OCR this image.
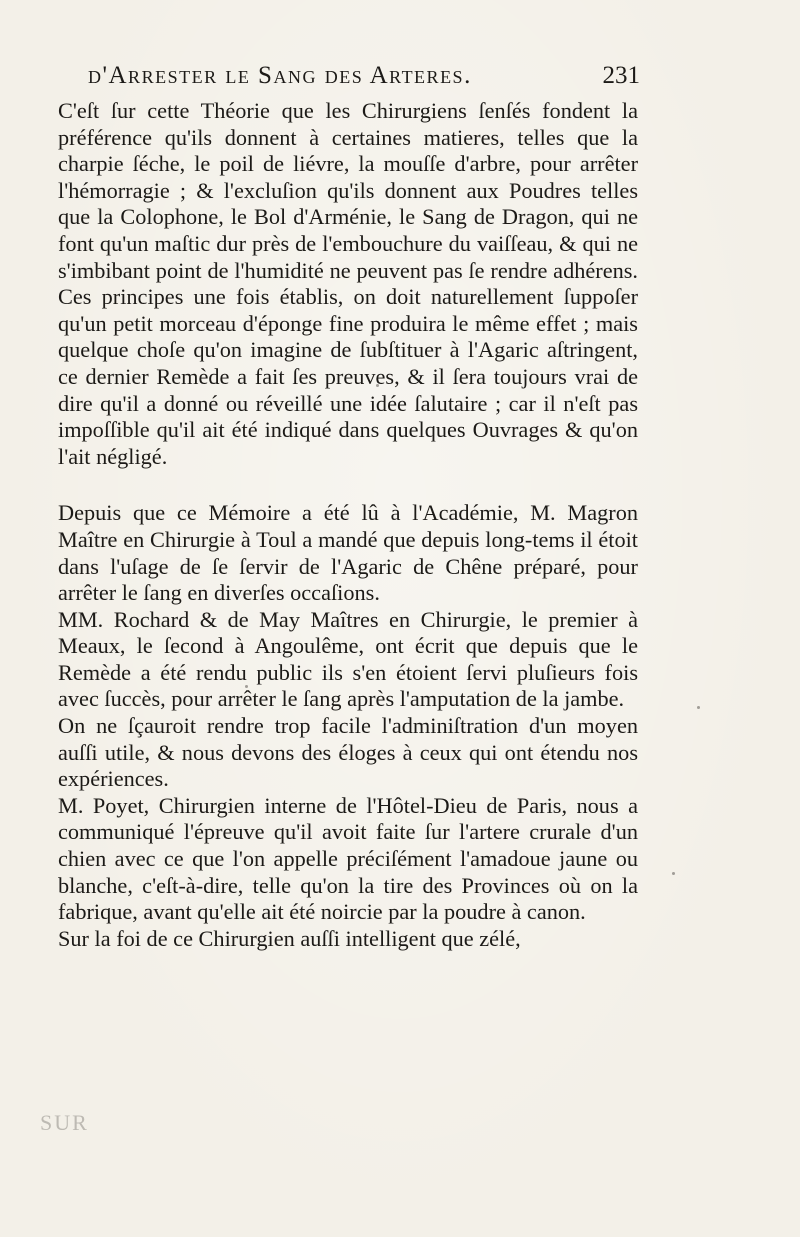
d'Arrester le Sang des Arteres.	231

C'eſt ſur cette Théorie que les Chirurgiens ſenſés fondent la préférence qu'ils donnent à certaines matieres, telles que la charpie ſéche, le poil de liévre, la mouſſe d'arbre, pour arrêter l'hémorragie ; & l'excluſion qu'ils donnent aux Poudres telles que la Colophone, le Bol d'Arménie, le Sang de Dragon, qui ne font qu'un maſtic dur près de l'embouchure du vaiſſeau, & qui ne s'imbibant point de l'humidité ne peuvent pas ſe rendre adhérens. Ces principes une fois établis, on doit naturellement ſuppoſer qu'un petit morceau d'éponge fine produira le même effet ; mais quelque choſe qu'on imagine de ſubſtituer à l'Agaric aſtringent, ce dernier Remède a fait ſes preuves, & il ſera toujours vrai de dire qu'il a donné ou réveillé une idée ſalutaire ; car il n'eſt pas impoſſible qu'il ait été indiqué dans quelques Ouvrages & qu'on l'ait négligé.

Depuis que ce Mémoire a été lû à l'Académie, M. Magron Maître en Chirurgie à Toul a mandé que depuis long-tems il étoit dans l'uſage de ſe ſervir de l'Agaric de Chêne préparé, pour arrêter le ſang en diverſes occaſions.

MM. Rochard & de May Maîtres en Chirurgie, le premier à Meaux, le ſecond à Angoulême, ont écrit que depuis que le Remède a été rendu public ils s'en étoient ſervi pluſieurs fois avec ſuccès, pour arrêter le ſang après l'amputation de la jambe.

On ne ſçauroit rendre trop facile l'adminiſtration d'un moyen auſſi utile, & nous devons des éloges à ceux qui ont étendu nos expériences.

M. Poyet, Chirurgien interne de l'Hôtel-Dieu de Paris, nous a communiqué l'épreuve qu'il avoit faite ſur l'artere crurale d'un chien avec ce que l'on appelle préciſément l'amadoue jaune ou blanche, c'eſt-à-dire, telle qu'on la tire des Provinces où on la fabrique, avant qu'elle ait été noircie par la poudre à canon.

Sur la foi de ce Chirurgien auſſi intelligent que zélé,

SUR
